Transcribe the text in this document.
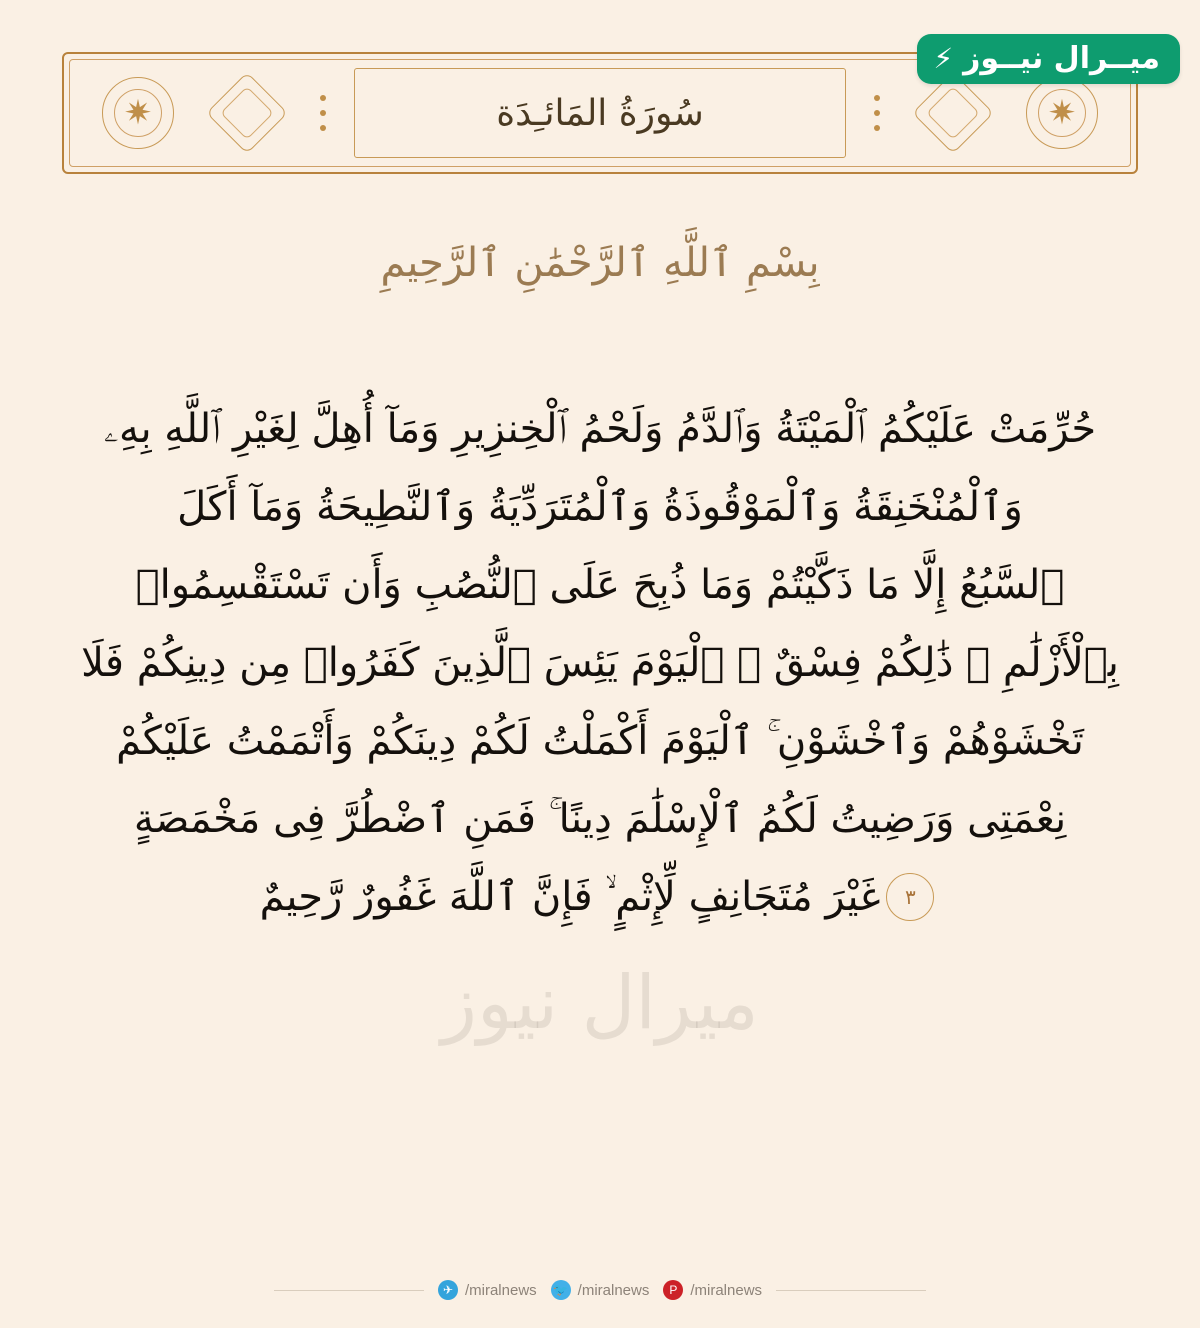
ميــرال نيــوز
⚡
✷
سُورَةُ المَائـِدَة
✷
بِسْمِ ٱللَّهِ ٱلرَّحْمَٰنِ ٱلرَّحِيمِ
ميرال نيوز
حُرِّمَتْ عَلَيْكُمُ ٱلْمَيْتَةُ وَٱلدَّمُ وَلَحْمُ ٱلْخِنزِيرِ وَمَآ أُهِلَّ لِغَيْرِ ٱللَّهِ بِهِۦ
وَٱلْمُنْخَنِقَةُ وَٱلْمَوْقُوذَةُ وَٱلْمُتَرَدِّيَةُ وَٱلنَّطِيحَةُ وَمَآ أَكَلَ
ٱلسَّبُعُ إِلَّا مَا ذَكَّيْتُمْ وَمَا ذُبِحَ عَلَى ٱلنُّصُبِ وَأَن تَسْتَقْسِمُوا۟
بِٱلْأَزْلَٰمِ ۚ ذَٰلِكُمْ فِسْقٌ ۗ ٱلْيَوْمَ يَئِسَ ٱلَّذِينَ كَفَرُوا۟ مِن دِينِكُمْ فَلَا
تَخْشَوْهُمْ وَٱخْشَوْنِ ۚ ٱلْيَوْمَ أَكْمَلْتُ لَكُمْ دِينَكُمْ وَأَتْمَمْتُ عَلَيْكُمْ
نِعْمَتِى وَرَضِيتُ لَكُمُ ٱلْإِسْلَٰمَ دِينًا ۚ فَمَنِ ٱضْطُرَّ فِى مَخْمَصَةٍ
٣غَيْرَ مُتَجَانِفٍ لِّإِثْمٍ ۙ فَإِنَّ ٱللَّهَ غَفُورٌ رَّحِيمٌ
✈ /miralnews 🐦 /miralnews	P /miralnews
